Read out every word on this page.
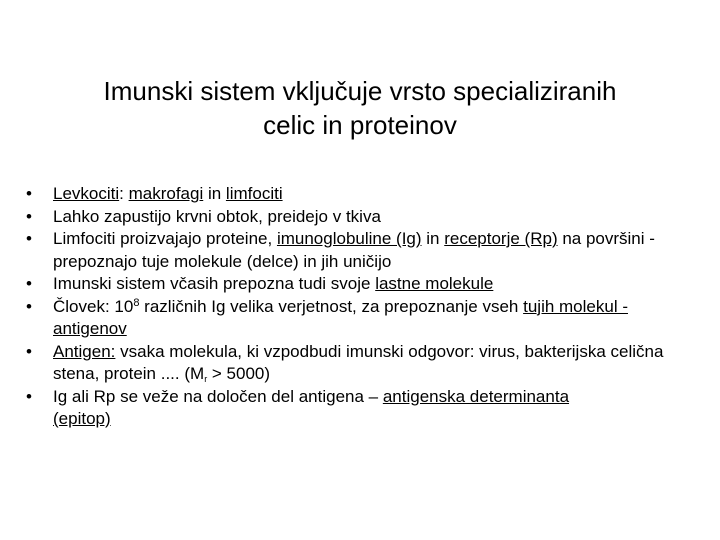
Imunski sistem vključuje vrsto specializiranih
celic in proteinov
• Levkociti: makrofagi in limfociti
• Lahko zapustijo krvni obtok, preidejo v tkiva
• Limfociti proizvajajo proteine, imunoglobuline (Ig) in receptorje (Rp) na površini - prepoznajo tuje molekule (delce) in jih uničijo
• Imunski sistem včasih prepozna tudi svoje lastne molekule
• Človek: $10^8$ različnih Ig velika verjetnost, za prepoznanje vseh tujih molekul - antigenov
• Antigen: vsaka molekula, ki vzpodbudi imunski odgovor: virus, bakterijska celična stena, protein .... $(M_r > 5000)$
• Ig ali Rp se veže na določen del antigena – antigenska determinanta
(epitop)
